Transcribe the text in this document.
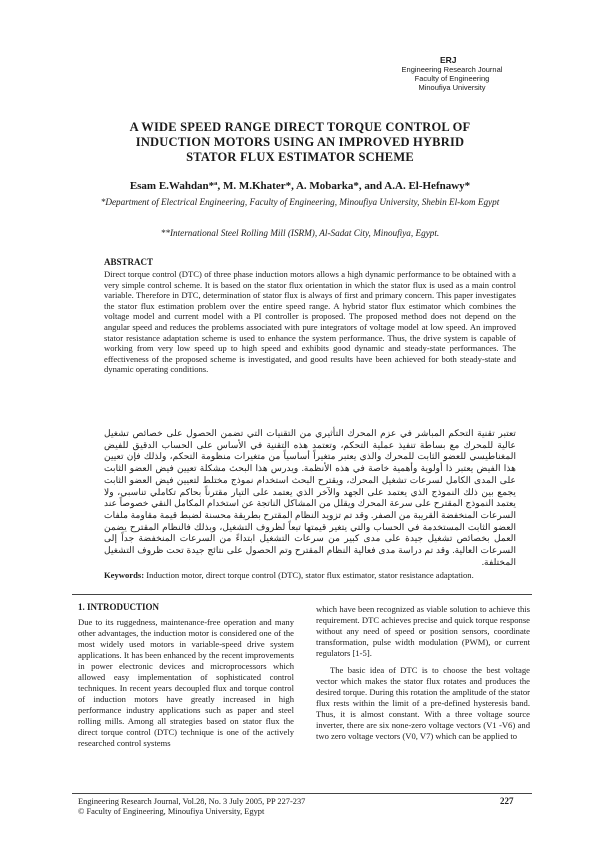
ERJ
Engineering Research Journal
Faculty of Engineering
Minoufiya University
A WIDE SPEED RANGE DIRECT TORQUE CONTROL OF INDUCTION MOTORS USING AN IMPROVED HYBRID STATOR FLUX ESTIMATOR SCHEME
Esam E.Wahdan*ª, M. M.Khater*, A. Mobarka*, and A.A. El-Hefnawy*
*Department of Electrical Engineering, Faculty of Engineering, Minoufiya University, Shebin El-kom Egypt
**International Steel Rolling Mill (ISRM), Al-Sadat City, Minoufiya, Egypt.
ABSTRACT
Direct torque control (DTC) of three phase induction motors allows a high dynamic performance to be obtained with a very simple control scheme. It is based on the stator flux orientation in which the stator flux is used as a main control variable. Therefore in DTC, determination of stator flux is always of first and primary concern. This paper investigates the stator flux estimation problem over the entire speed range. A hybrid stator flux estimator which combines the voltage model and current model with a PI controller is proposed. The proposed method does not depend on the angular speed and reduces the problems associated with pure integrators of voltage model at low speed. An improved stator resistance adaptation scheme is used to enhance the system performance. Thus, the drive system is capable of working from very low speed up to high speed and exhibits good dynamic and steady-state performances. The effectiveness of the proposed scheme is investigated, and good results have been achieved for both steady-state and dynamic operating conditions.
تعتبر تقنية التحكم المباشر في عزم المحرك التأثيري من التقنيات التي تضمن الحصول على خصائص تشغيل عالية للمحرك مع بساطة تنفيذ عملية التحكم، وتعتمد هذه التقنية في الأساس على الحساب الدقيق للفيض المغناطيسي للعضو الثابت للمحرك والذي يعتبر متغيراً أساسياً من متغيرات منظومة التحكم، ولذلك فإن تعيين هذا الفيض يعتبر ذا أولوية وأهمية خاصة في هذه الأنظمة. ويدرس هذا البحث مشكلة تعيين فيض العضو الثابت على المدى الكامل لسرعات تشغيل المحرك، ويقترح البحث استخدام نموذج مختلط لتعيين فيض العضو الثابت يجمع بين ذلك النموذج الذي يعتمد على الجهد والآخر الذي يعتمد على التيار مقترناً بحاكم تكاملي تناسبي، ولا يعتمد النموذج المقترح على سرعة المحرك ويقلل من المشاكل الناتجة عن استخدام المكامل النقي خصوصاً عند السرعات المنخفضة القريبة من الصفر. وقد تم تزويد النظام المقترح بطريقة محسنة لضبط قيمة مقاومة ملفات العضو الثابت المستخدمة في الحساب والتي يتغير قيمتها تبعاً لظروف التشغيل، وبذلك فالنظام المقترح يضمن العمل بخصائص تشغيل جيدة على مدى كبير من سرعات التشغيل ابتداءً من السرعات المنخفضة جداً إلى السرعات العالية. وقد تم دراسة مدى فعالية النظام المقترح وتم الحصول على نتائج جيدة تحت ظروف التشغيل المختلفة.
Keywords: Induction motor, direct torque control (DTC), stator flux estimator, stator resistance adaptation.
1. INTRODUCTION
Due to its ruggedness, maintenance-free operation and many other advantages, the induction motor is considered one of the most widely used motors in variable-speed drive system applications. It has been enhanced by the recent improvements in power electronic devices and microprocessors which allowed easy implementation of sophisticated control techniques. In recent years decoupled flux and torque control of induction motors have greatly increased in high performance industry applications such as paper and steel rolling mills. Among all strategies based on stator flux the direct torque control (DTC) technique is one of the actively researched control systems

which have been recognized as viable solution to achieve this requirement. DTC achieves precise and quick torque response without any need of speed or position sensors, coordinate transformation, pulse width modulation (PWM), or current regulators [1-5].

The basic idea of DTC is to choose the best voltage vector which makes the stator flux rotates and produces the desired torque. During this rotation the amplitude of the stator flux rests within the limit of a pre-defined hysteresis band. Thus, it is almost constant. With a three voltage source inverter, there are six none-zero voltage vectors (V1 -V6) and two zero voltage vectors (V0, V7) which can be applied to

Engineering Research Journal, Vol.28, No. 3 July 2005, PP 227-237
© Faculty of Engineering, Minoufiya University, Egypt
227
